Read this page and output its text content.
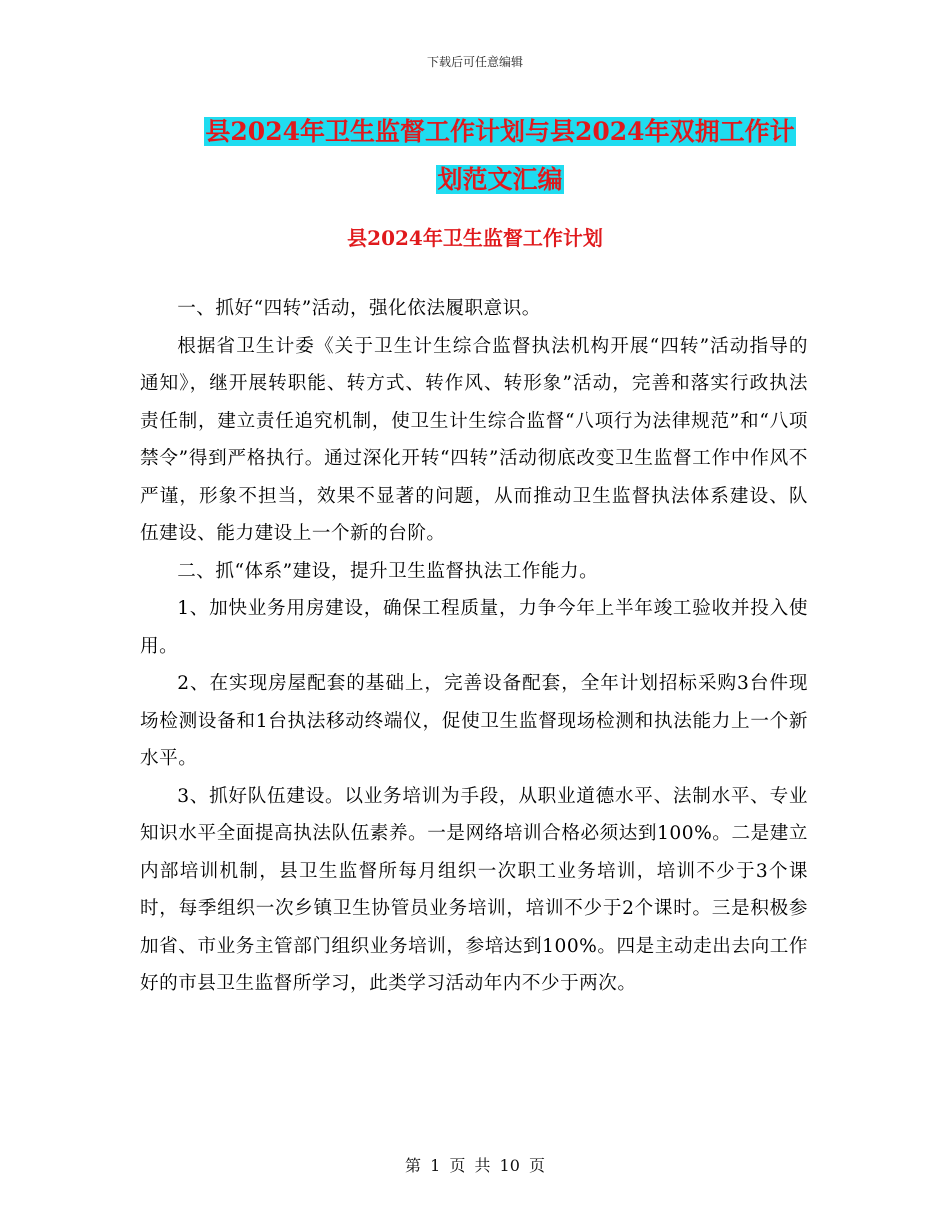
下载后可任意编辑
县2024年卫生监督工作计划与县2024年双拥工作计
划范文汇编
县2024年卫生监督工作计划

一、抓好“四转”活动，强化依法履职意识。

根据省卫生计委《关于卫生计生综合监督执法机构开展“四转”活动指导的通知》，继开展转职能、转方式、转作风、转形象”活动，完善和落实行政执法责任制，建立责任追究机制，使卫生计生综合监督“八项行为法律规范”和“八项禁令”得到严格执行。通过深化开转“四转”活动彻底改变卫生监督工作中作风不严谨，形象不担当，效果不显著的问题，从而推动卫生监督执法体系建设、队伍建设、能力建设上一个新的台阶。

二、抓“体系”建设，提升卫生监督执法工作能力。

1、加快业务用房建设，确保工程质量，力争今年上半年竣工验收并投入使用。

2、在实现房屋配套的基础上，完善设备配套，全年计划招标采购3台件现场检测设备和1台执法移动终端仪，促使卫生监督现场检测和执法能力上一个新水平。

3、抓好队伍建设。以业务培训为手段，从职业道德水平、法制水平、专业知识水平全面提高执法队伍素养。一是网络培训合格必须达到100%。二是建立内部培训机制，县卫生监督所每月组织一次职工业务培训，培训不少于3个课时，每季组织一次乡镇卫生协管员业务培训，培训不少于2个课时。三是积极参加省、市业务主管部门组织业务培训，参培达到100%。四是主动走出去向工作好的市县卫生监督所学习，此类学习活动年内不少于两次。

第 1 页 共 10 页
